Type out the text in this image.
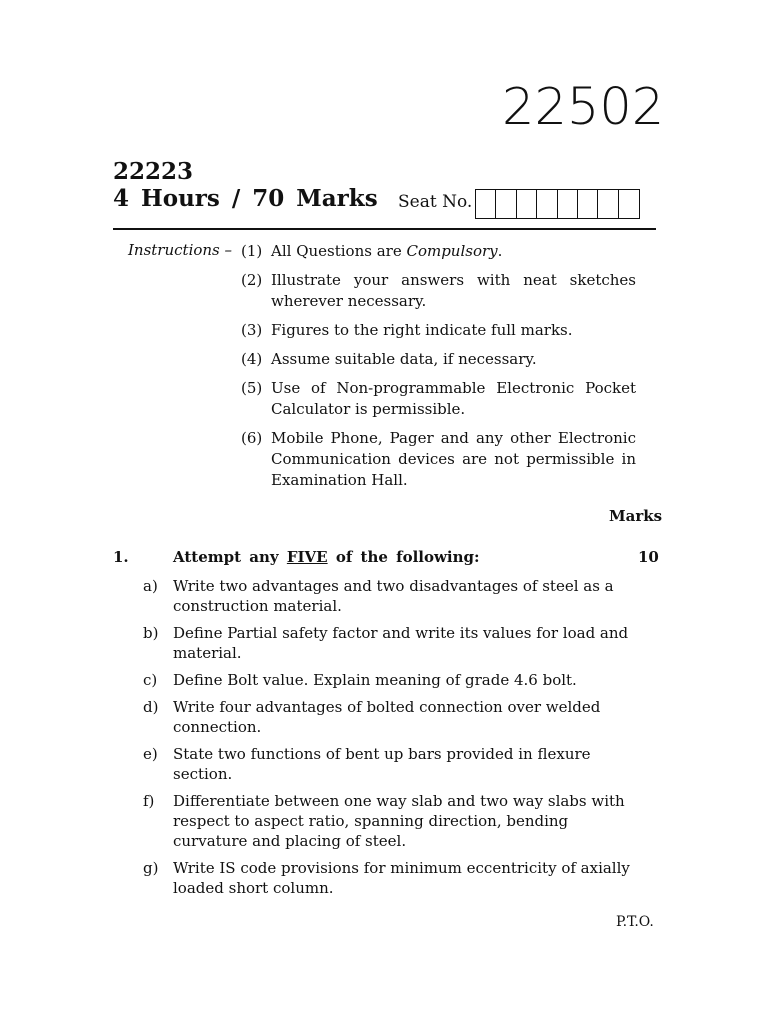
22502
22223
4 Hours / 70 Marks Seat No.
Instructions – (1) All Questions are Compulsory.
(2) Illustrate your answers with neat sketches wherever necessary.
(3) Figures to the right indicate full marks.
(4) Assume suitable data, if necessary.
(5) Use of Non-programmable Electronic Pocket Calculator is permissible.
(6) Mobile Phone, Pager and any other Electronic Communication devices are not permissible in Examination Hall.
Marks
1.	Attempt any FIVE of the following:	10
a)	Write two advantages and two disadvantages of steel as a construction material.
b) Define Partial safety factor and write its values for load and material.
c)	Define Bolt value. Explain meaning of grade 4.6 bolt.
d) Write four advantages of bolted connection over welded connection.
e)	State two functions of bent up bars provided in flexure section.
f)	Differentiate between one way slab and two way slabs with respect to aspect ratio, spanning direction, bending curvature and placing of steel.
g) Write IS code provisions for minimum eccentricity of axially loaded short column.
P.T.O.
